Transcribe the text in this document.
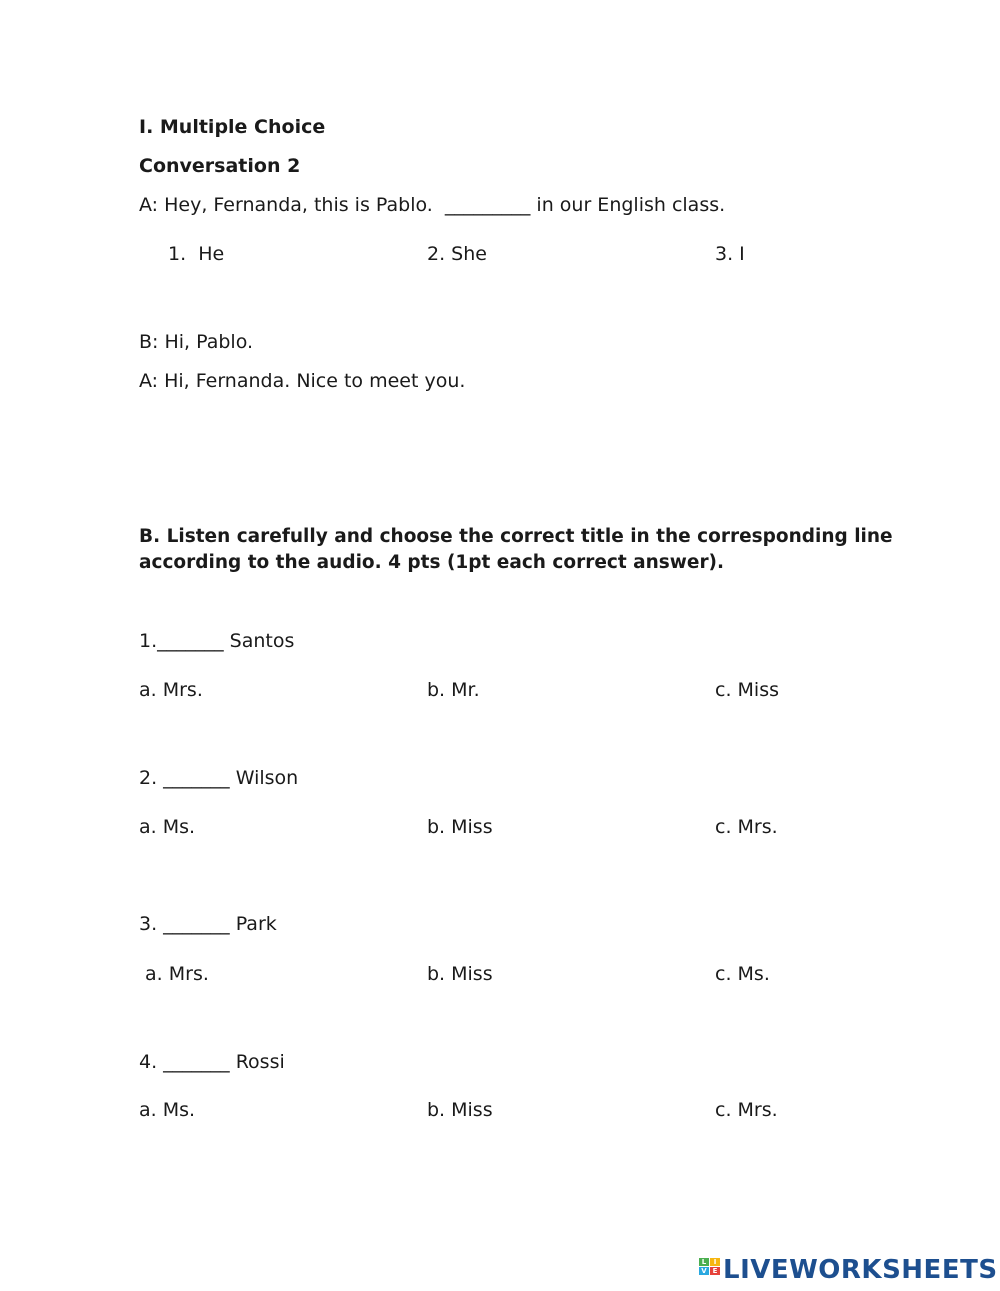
I. Multiple Choice
Conversation 2
A: Hey, Fernanda, this is Pablo.  _________ in our English class.
1.  He	2. She	3. I
B: Hi, Pablo.
A: Hi, Fernanda. Nice to meet you.
B. Listen carefully and choose the correct title in the corresponding line
according to the audio. 4 pts (1pt each correct answer).
1._______ Santos
a. Mrs.	b. Mr.	c. Miss
2. _______ Wilson
a. Ms.	b. Miss	c. Mrs.
3. _______ Park
a. Mrs.	b. Miss	c. Ms.
4. _______ Rossi
a. Ms.	b. Miss	c. Mrs.
L	I
V E LIVEWORKSHEETS
